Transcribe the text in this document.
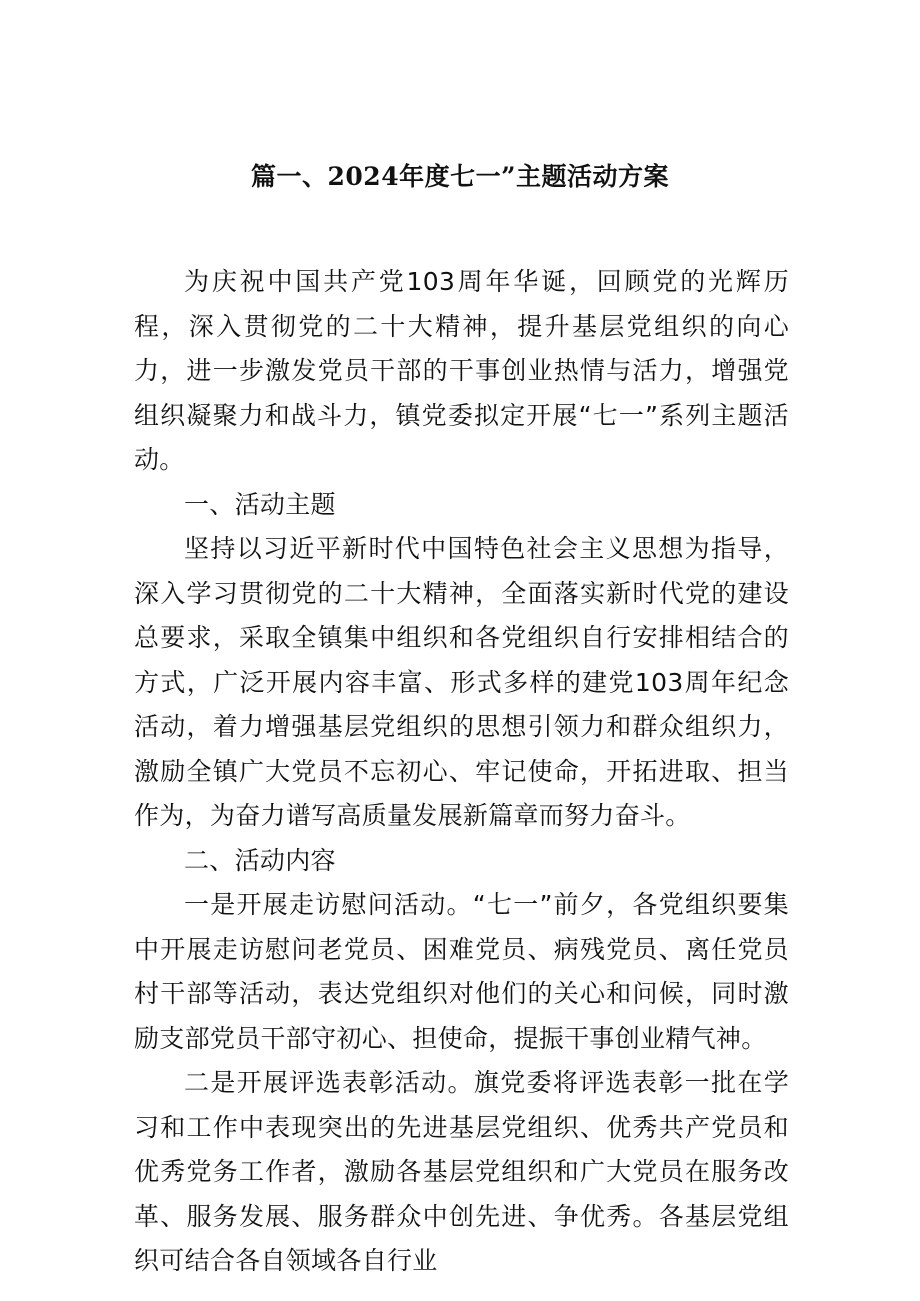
篇一、2024年度七一”主题活动方案

为庆祝中国共产党103周年华诞，回顾党的光辉历程，深入贯彻党的二十大精神，提升基层党组织的向心力，进一步激发党员干部的干事创业热情与活力，增强党组织凝聚力和战斗力，镇党委拟定开展“七一”系列主题活动。

一、活动主题

坚持以习近平新时代中国特色社会主义思想为指导，深入学习贯彻党的二十大精神，全面落实新时代党的建设总要求，采取全镇集中组织和各党组织自行安排相结合的方式，广泛开展内容丰富、形式多样的建党103周年纪念活动，着力增强基层党组织的思想引领力和群众组织力，激励全镇广大党员不忘初心、牢记使命，开拓进取、担当作为，为奋力谱写高质量发展新篇章而努力奋斗。

二、活动内容

一是开展走访慰问活动。“七一”前夕，各党组织要集中开展走访慰问老党员、困难党员、病残党员、离任党员村干部等活动，表达党组织对他们的关心和问候，同时激励支部党员干部守初心、担使命，提振干事创业精气神。

二是开展评选表彰活动。旗党委将评选表彰一批在学习和工作中表现突出的先进基层党组织、优秀共产党员和优秀党务工作者，激励各基层党组织和广大党员在服务改革、服务发展、服务群众中创先进、争优秀。各基层党组织可结合各自领域各自行业
